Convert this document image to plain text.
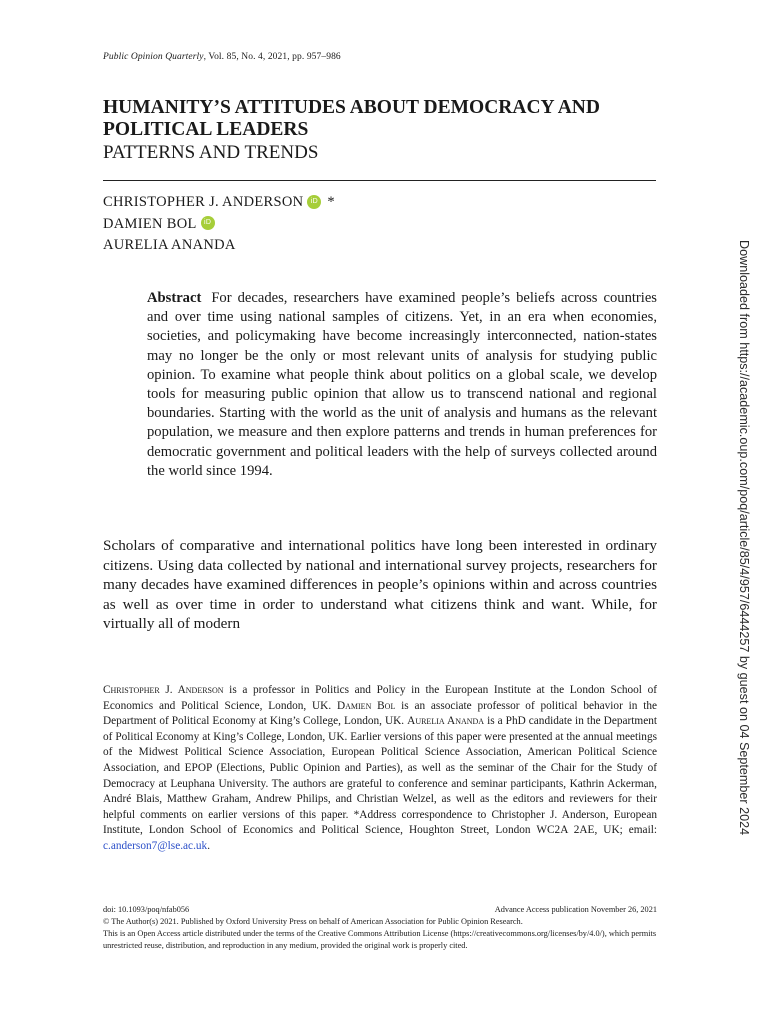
Public Opinion Quarterly, Vol. 85, No. 4, 2021, pp. 957–986
HUMANITY’S ATTITUDES ABOUT DEMOCRACY AND
POLITICAL LEADERS
PATTERNS AND TRENDS
CHRISTOPHER J. ANDERSON iD *
DAMIEN BOL iD
AURELIA ANANDA

Abstract For decades, researchers have examined people’s beliefs across countries and over time using national samples of citizens. Yet, in an era when economies, societies, and policymaking have become increasingly interconnected, nation-states may no longer be the only or most relevant units of analysis for studying public opinion. To examine what people think about politics on a global scale, we develop tools for measuring public opinion that allow us to transcend national and regional boundaries. Starting with the world as the unit of analysis and humans as the relevant population, we measure and then explore patterns and trends in human preferences for democratic government and political leaders with the help of surveys collected around the world since 1994.

Scholars of comparative and international politics have long been interested in ordinary citizens. Using data collected by national and international survey projects, researchers for many decades have examined differences in people’s opinions within and across countries as well as over time in order to understand what citizens think and want. While, for virtually all of modern

Christopher J. Anderson is a professor in Politics and Policy in the European Institute at the London School of Economics and Political Science, London, UK. Damien Bol is an associate professor of political behavior in the Department of Political Economy at King’s College, London, UK. Aurelia Ananda is a PhD candidate in the Department of Political Economy at King’s College, London, UK. Earlier versions of this paper were presented at the annual meetings of the Midwest Political Science Association, European Political Science Association, American Political Science Association, and EPOP (Elections, Public Opinion and Parties), as well as the seminar of the Chair for the Study of Democracy at Leuphana University. The authors are grateful to conference and seminar participants, Kathrin Ackerman, André Blais, Matthew Graham, Andrew Philips, and Christian Welzel, as well as the editors and reviewers for their helpful comments on earlier versions of this paper. *Address correspondence to Christopher J. Anderson, European Institute, London School of Economics and Political Science, Houghton Street, London WC2A 2AE, UK; email: c.anderson7@lse.ac.uk.

doi: 10.1093/poq/nfab056	Advance Access publication November 26, 2021

© The Author(s) 2021. Published by Oxford University Press on behalf of American Association for Public Opinion Research.

This is an Open Access article distributed under the terms of the Creative Commons Attribution License (https://creativecommons.org/licenses/by/4.0/), which permits unrestricted reuse, distribution, and reproduction in any medium, provided the original work is properly cited.

Downloaded from https://academic.oup.com/poq/article/85/4/957/6444257 by guest on 04 September 2024
